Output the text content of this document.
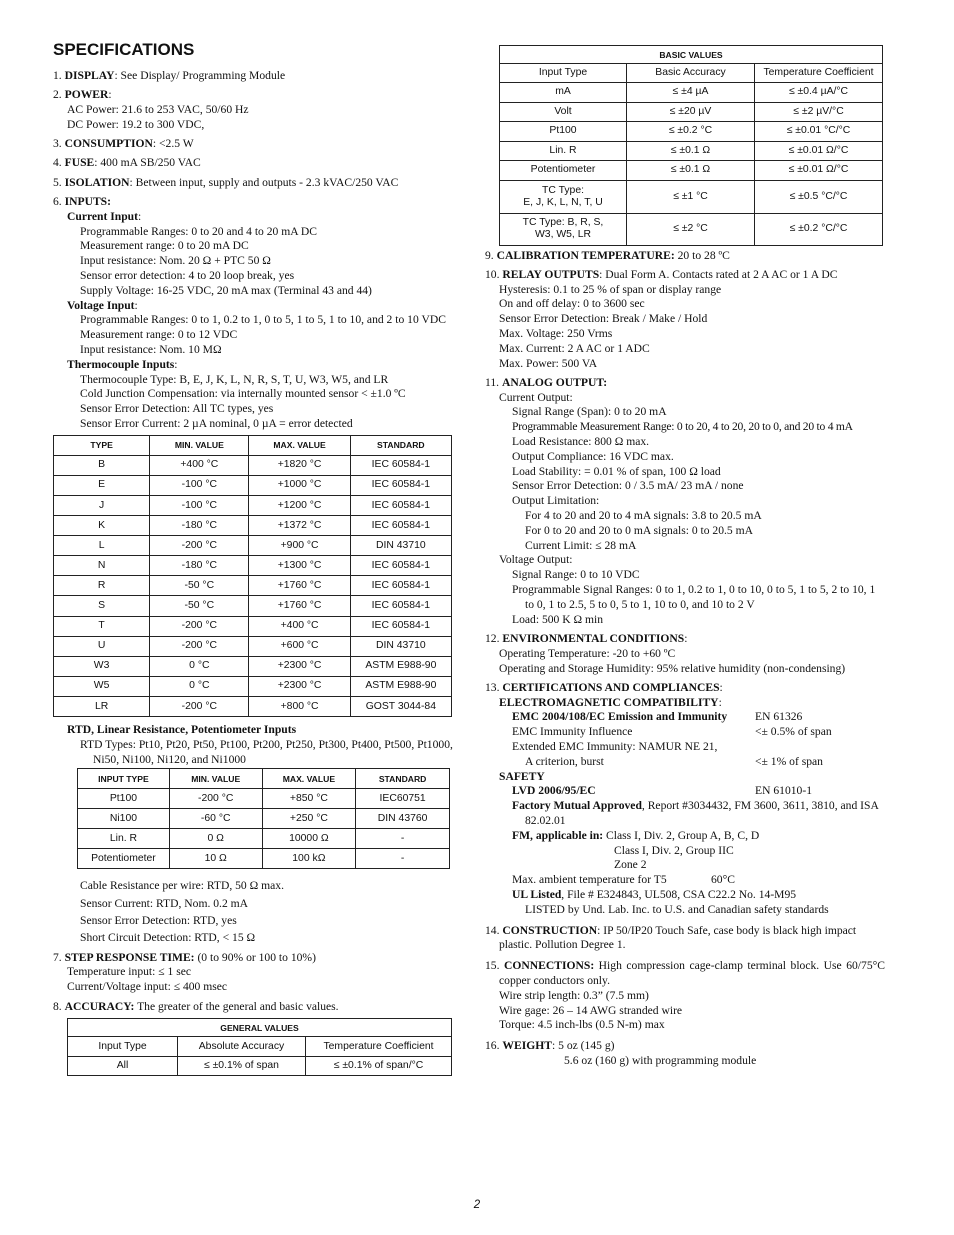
SPECIFICATIONS
1. DISPLAY: See Display/ Programming Module
2. POWER:
AC Power: 21.6 to 253 VAC, 50/60 Hz
DC Power: 19.2 to 300 VDC,
3. CONSUMPTION: <2.5 W
4. FUSE: 400 mA SB/250 VAC
5. ISOLATION: Between input, supply and outputs - 2.3 kVAC/250 VAC
6. INPUTS:
Current Input:
Programmable Ranges: 0 to 20 and 4 to 20 mA DC
Measurement range: 0 to 20 mA DC
Input resistance: Nom. 20 Ω + PTC 50 Ω
Sensor error detection: 4 to 20 loop break, yes
Supply Voltage: 16-25 VDC, 20 mA max (Terminal 43 and 44)
Voltage Input:
Programmable Ranges: 0 to 1, 0.2 to 1, 0 to 5, 1 to 5, 1 to 10, and 2 to 10 VDC
Measurement range: 0 to 12 VDC
Input resistance: Nom. 10 MΩ
Thermocouple Inputs:
Thermocouple Type: B, E, J, K, L, N, R, S, T, U, W3, W5, and LR
Cold Junction Compensation: via internally mounted sensor < ±1.0 ºC
Sensor Error Detection: All TC types, yes
Sensor Error Current: 2 µA nominal, 0 µA = error detected
TYPE	MIN. VALUE	MAX. VALUE	STANDARD
B	+400 °C	+1820 °C	IEC 60584-1
E	-100 °C	+1000 °C	IEC 60584-1
J	-100 °C	+1200 °C	IEC 60584-1
K	-180 °C	+1372 °C	IEC 60584-1
L	-200 °C	+900 °C	DIN 43710
N	-180 °C	+1300 °C	IEC 60584-1
R	-50 °C	+1760 °C	IEC 60584-1
S	-50 °C	+1760 °C	IEC 60584-1
T	-200 °C	+400 °C	IEC 60584-1
U	-200 °C	+600 °C	DIN 43710
W3	0 °C	+2300 °C	ASTM E988-90
W5	0 °C	+2300 °C	ASTM E988-90
LR	-200 °C	+800 °C	GOST 3044-84
RTD, Linear Resistance, Potentiometer Inputs
RTD Types: Pt10, Pt20, Pt50, Pt100, Pt200, Pt250, Pt300, Pt400, Pt500, Pt1000, Ni50, Ni100, Ni120, and Ni1000
INPUT TYPE	MIN. VALUE	MAX. VALUE	STANDARD
Pt100	-200 °C	+850 °C	IEC60751
Ni100	-60 °C	+250 °C	DIN 43760
Lin. R	0 Ω	10000 Ω	-
Potentiometer	10 Ω	100 kΩ	-
Cable Resistance per wire: RTD, 50 Ω max.
Sensor Current: RTD, Nom. 0.2 mA
Sensor Error Detection: RTD, yes
Short Circuit Detection: RTD, < 15 Ω
7. STEP RESPONSE TIME: (0 to 90% or 100 to 10%)
Temperature input: ≤ 1 sec
Current/Voltage input: ≤ 400 msec
8. ACCURACY: The greater of the general and basic values.
GENERAL VALUES		
Input Type	Absolute Accuracy	Temperature Coefficient
All	≤ ±0.1% of span	≤ ±0.1% of span/°C
BASIC VALUES		
Input Type	Basic Accuracy	Temperature Coefficient
mA	≤ ±4 µA	≤ ±0.4 µA/°C
Volt	≤ ±20 µV	≤ ±2 µV/°C
Pt100	≤ ±0.2 °C	≤ ±0.01 °C/°C
Lin. R	≤ ±0.1 Ω	≤ ±0.01 Ω/°C
Potentiometer	≤ ±0.1 Ω	≤ ±0.01 Ω/°C

TC Type:
E, J, K, L, N, T, U	≤ ±1 °C	≤ ±0.5 °C/°C

TC Type: B, R, S,
W3, W5, LR	≤ ±2 °C	≤ ±0.2 °C/°C
9. CALIBRATION TEMPERATURE: 20 to 28 ºC
10. RELAY OUTPUTS: Dual Form A. Contacts rated at 2 A AC or 1 A DC
Hysteresis: 0.1 to 25 % of span or display range
On and off delay: 0 to 3600 sec
Sensor Error Detection: Break / Make / Hold
Max. Voltage: 250 Vrms
Max. Current: 2 A AC or 1 ADC
Max. Power: 500 VA
11. ANALOG OUTPUT:
Current Output:
Signal Range (Span): 0 to 20 mA
Programmable Measurement Range: 0 to 20, 4 to 20, 20 to 0, and 20 to 4 mA
Load Resistance: 800 Ω max.
Output Compliance: 16 VDC max.
Load Stability: = 0.01 % of span, 100 Ω load
Sensor Error Detection: 0 / 3.5 mA/ 23 mA / none
Output Limitation:
For 4 to 20 and 20 to 4 mA signals: 3.8 to 20.5 mA
For 0 to 20 and 20 to 0 mA signals: 0 to 20.5 mA
Current Limit: ≤ 28 mA
Voltage Output:
Signal Range: 0 to 10 VDC
Programmable Signal Ranges: 0 to 1, 0.2 to 1, 0 to 10, 0 to 5, 1 to 5, 2 to 10, 1 to 0, 1 to 2.5, 5 to 0, 5 to 1, 10 to 0, and 10 to 2 V
Load: 500 K Ω min
12. ENVIRONMENTAL CONDITIONS:
Operating Temperature: -20 to +60 ºC
Operating and Storage Humidity: 95% relative humidity (non-condensing)
13. CERTIFICATIONS AND COMPLIANCES:
ELECTROMAGNETIC COMPATIBILITY:
EMC 2004/108/EC Emission and Immunity	EN 61326
EMC Immunity Influence	<± 0.5% of span
Extended EMC Immunity: NAMUR NE 21,
A criterion, burst	<± 1% of span
SAFETY
LVD 2006/95/EC	EN 61010-1
Factory Mutual Approved, Report #3034432, FM 3600, 3611, 3810, and ISA 82.02.01
FM, applicable in: Class I, Div. 2, Group A, B, C, D
Class I, Div. 2, Group IIC
Zone 2
Max. ambient temperature for T5	60°C
UL Listed, File # E324843, UL508, CSA C22.2 No. 14-M95
LISTED by Und. Lab. Inc. to U.S. and Canadian safety standards
14. CONSTRUCTION: IP 50/IP20 Touch Safe, case body is black high impact plastic. Pollution Degree 1.
15. CONNECTIONS: High compression cage-clamp terminal block. Use 60/75°C copper conductors only.
Wire strip length: 0.3” (7.5 mm)
Wire gage: 26 – 14 AWG stranded wire
Torque: 4.5 inch-lbs (0.5 N-m) max
16. WEIGHT: 5 oz (145 g)
5.6 oz (160 g) with programming module
2
